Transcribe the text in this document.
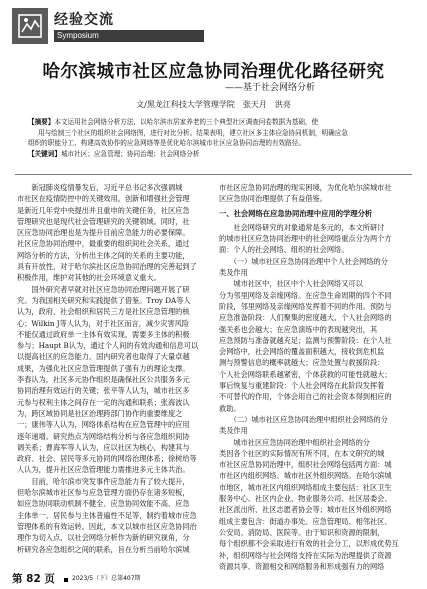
经验交流
Symposium
哈尔滨城市社区应急协同治理优化路径研究
——基于社会网络分析
文/黑龙江科技大学管理学院　张天月　洪亮
【摘要】本文运用社会网络分析方法，以哈尔滨市居家养老的三个典型社区调查问卷数据为基础，使
用与绘制三个社区的组织社会网络图，进行对比分析。结果表明，建立社区多主体应急协同机制，明确应急
组织的职能分工、构建高效协作的应急网络等是优化哈尔滨城市社区应急协同治理的有效路径。
【关键词】城市社区；应急管理；协同治理；社会网络分析
　　新冠肺炎疫情暴发后，习近平总书记多次强调城
市社区在疫情防控中的关键效用。创新和增强社会管理
是新近几年党中央提出并且重申的关键任务，社区应急
管理研究也是现代社会管理研究的关键领域。同时，社
区应急协同治理也是为提升目前应急能力的必要保障。
社区应急协同治理中，最重要的组织间社会关系，通过
网络分析的方法，分析出主体之间的关系的主要功能，
具有开放性，对于哈尔滨社区应急协同治理的完善起到了
积极作用，维护对其他的社会环境意义重大。
　　国外研究者早就对社区应急协同治理问题开展了研
究。为我国相关研究和实践提供了借鉴。Troy DA等人
认为，政府、社会组织和居民三方是社区应急管理的核
心；Wilkin J等人认为，对于社区而言，减少灾害风险
不能仅通过政府单一主体有效实现，需要多主体的积极
参与；Haupt B认为，通过个人间的有效沟通和信息可以
以提高社区的应急能力。国内研究者也取得了大量卓越
成果，为强化社区应急管理提供了强有力的理论支撑。
李春认为，社区多元协作组织是确保社区公共服务多元
协同治理有效运行的关键；张平等人认为，城市社区多
元参与权利主体之间存在一定的沟通和联系；张海波认
为，跨区域协同是社区治理跨部门协作的重要维度之
一；康伟等人认为，网络体系结构在应急管理中的应用
逐年递增。研究热点为网络结构分析与各应急组织间协
调关系；曹海军等人认为，应以社区为核心，构建其与
政府、社会、居民等多元协同的网络治理体系；徐树给等
人认为，提升社区应急管理能力需推进多元主体共治。
　　目前，哈尔滨市突发事件应急能力有了较大提升，
但哈尔滨城市社区参与应急管理方面仍存在诸多短板，
如应急协同联动机制不健全、应急协同效能不高、应急
主体单一、居民参与主体普遍性不足等，制约着城市应急
管理体系的有效运转。因此，本文以城市社区应急协同治
理作为切入点，以社会网络分析作为新的研究视角，分
析研究各应急组织之间的联系，旨在分析当前哈尔滨城
市社区应急协同治理的现实困境，为优化哈尔滨城市社
区应急协同治理提供了有益借鉴。
一、社会网络在应急协同治理中应用的学理分析
　　社会网络研究的对象通常是多元的，本文所研讨
的城市社区应急协同治理中的社会网络重点分为两个方
面：个人的社会网络、组织的社会网络。
　　（一）城市社区应急协同治理中个人社会网络的分
类及作用
　　城市社区中，社区中个人社会网络又可以
分为邻里网络及亲缘网络。在应急生命周期的四个不同
阶段，邻里网络及亲缘网络发挥着不同的作用。预防与
应急准备阶段：人们聚集的密度越大、个人社会网络的
强关系也会越大；在应急演练中的表现越突出，其
应急预防与准备就越充足；监测与预警阶段：在个人社
会网络中，社会网络的覆盖面积越大，接收到危机监
测与预警信息的概率就越大；应急处置与救援阶段：
个人社会网络联系越紧密，个体获救的可能性就越大；
事后恢复与重建阶段：个人社会网络在此阶段发挥着
不可替代的作用，个体会用自己的社会资本得到相应的
救助。
　　（二）城市社区应急协同治理中组织社会网络的分
类及作用
　　城市社区应急协同治理中组织社会网络的分
类因各个社区的实际情况有所不同，在本文研究的城
市社区应急协同治理中，组织社会网络包括两方面：城
市社区内组织网络、城市社区外组织网络。在哈尔滨城
市地区，城市社区内组织网络组成主要包括：社区卫生
服务中心、社区内企业、物业服务公司、社区居委会、
社区派出所、社区志愿者协会等；城市社区外组织网络
组成主要包含：街道办事处、应急管理局、相邻社区、
公安局、消防局、医院等。由于知识和资源的限制，
每个组织都不会采取进行有效的社会分工，以形成优势互
补，组织网络与社会网络支持在实际为治理提供了资源
资源共享、资源相交和网络服务和形成强有力的网络
第 82 页	2023/5（下）总第407期
